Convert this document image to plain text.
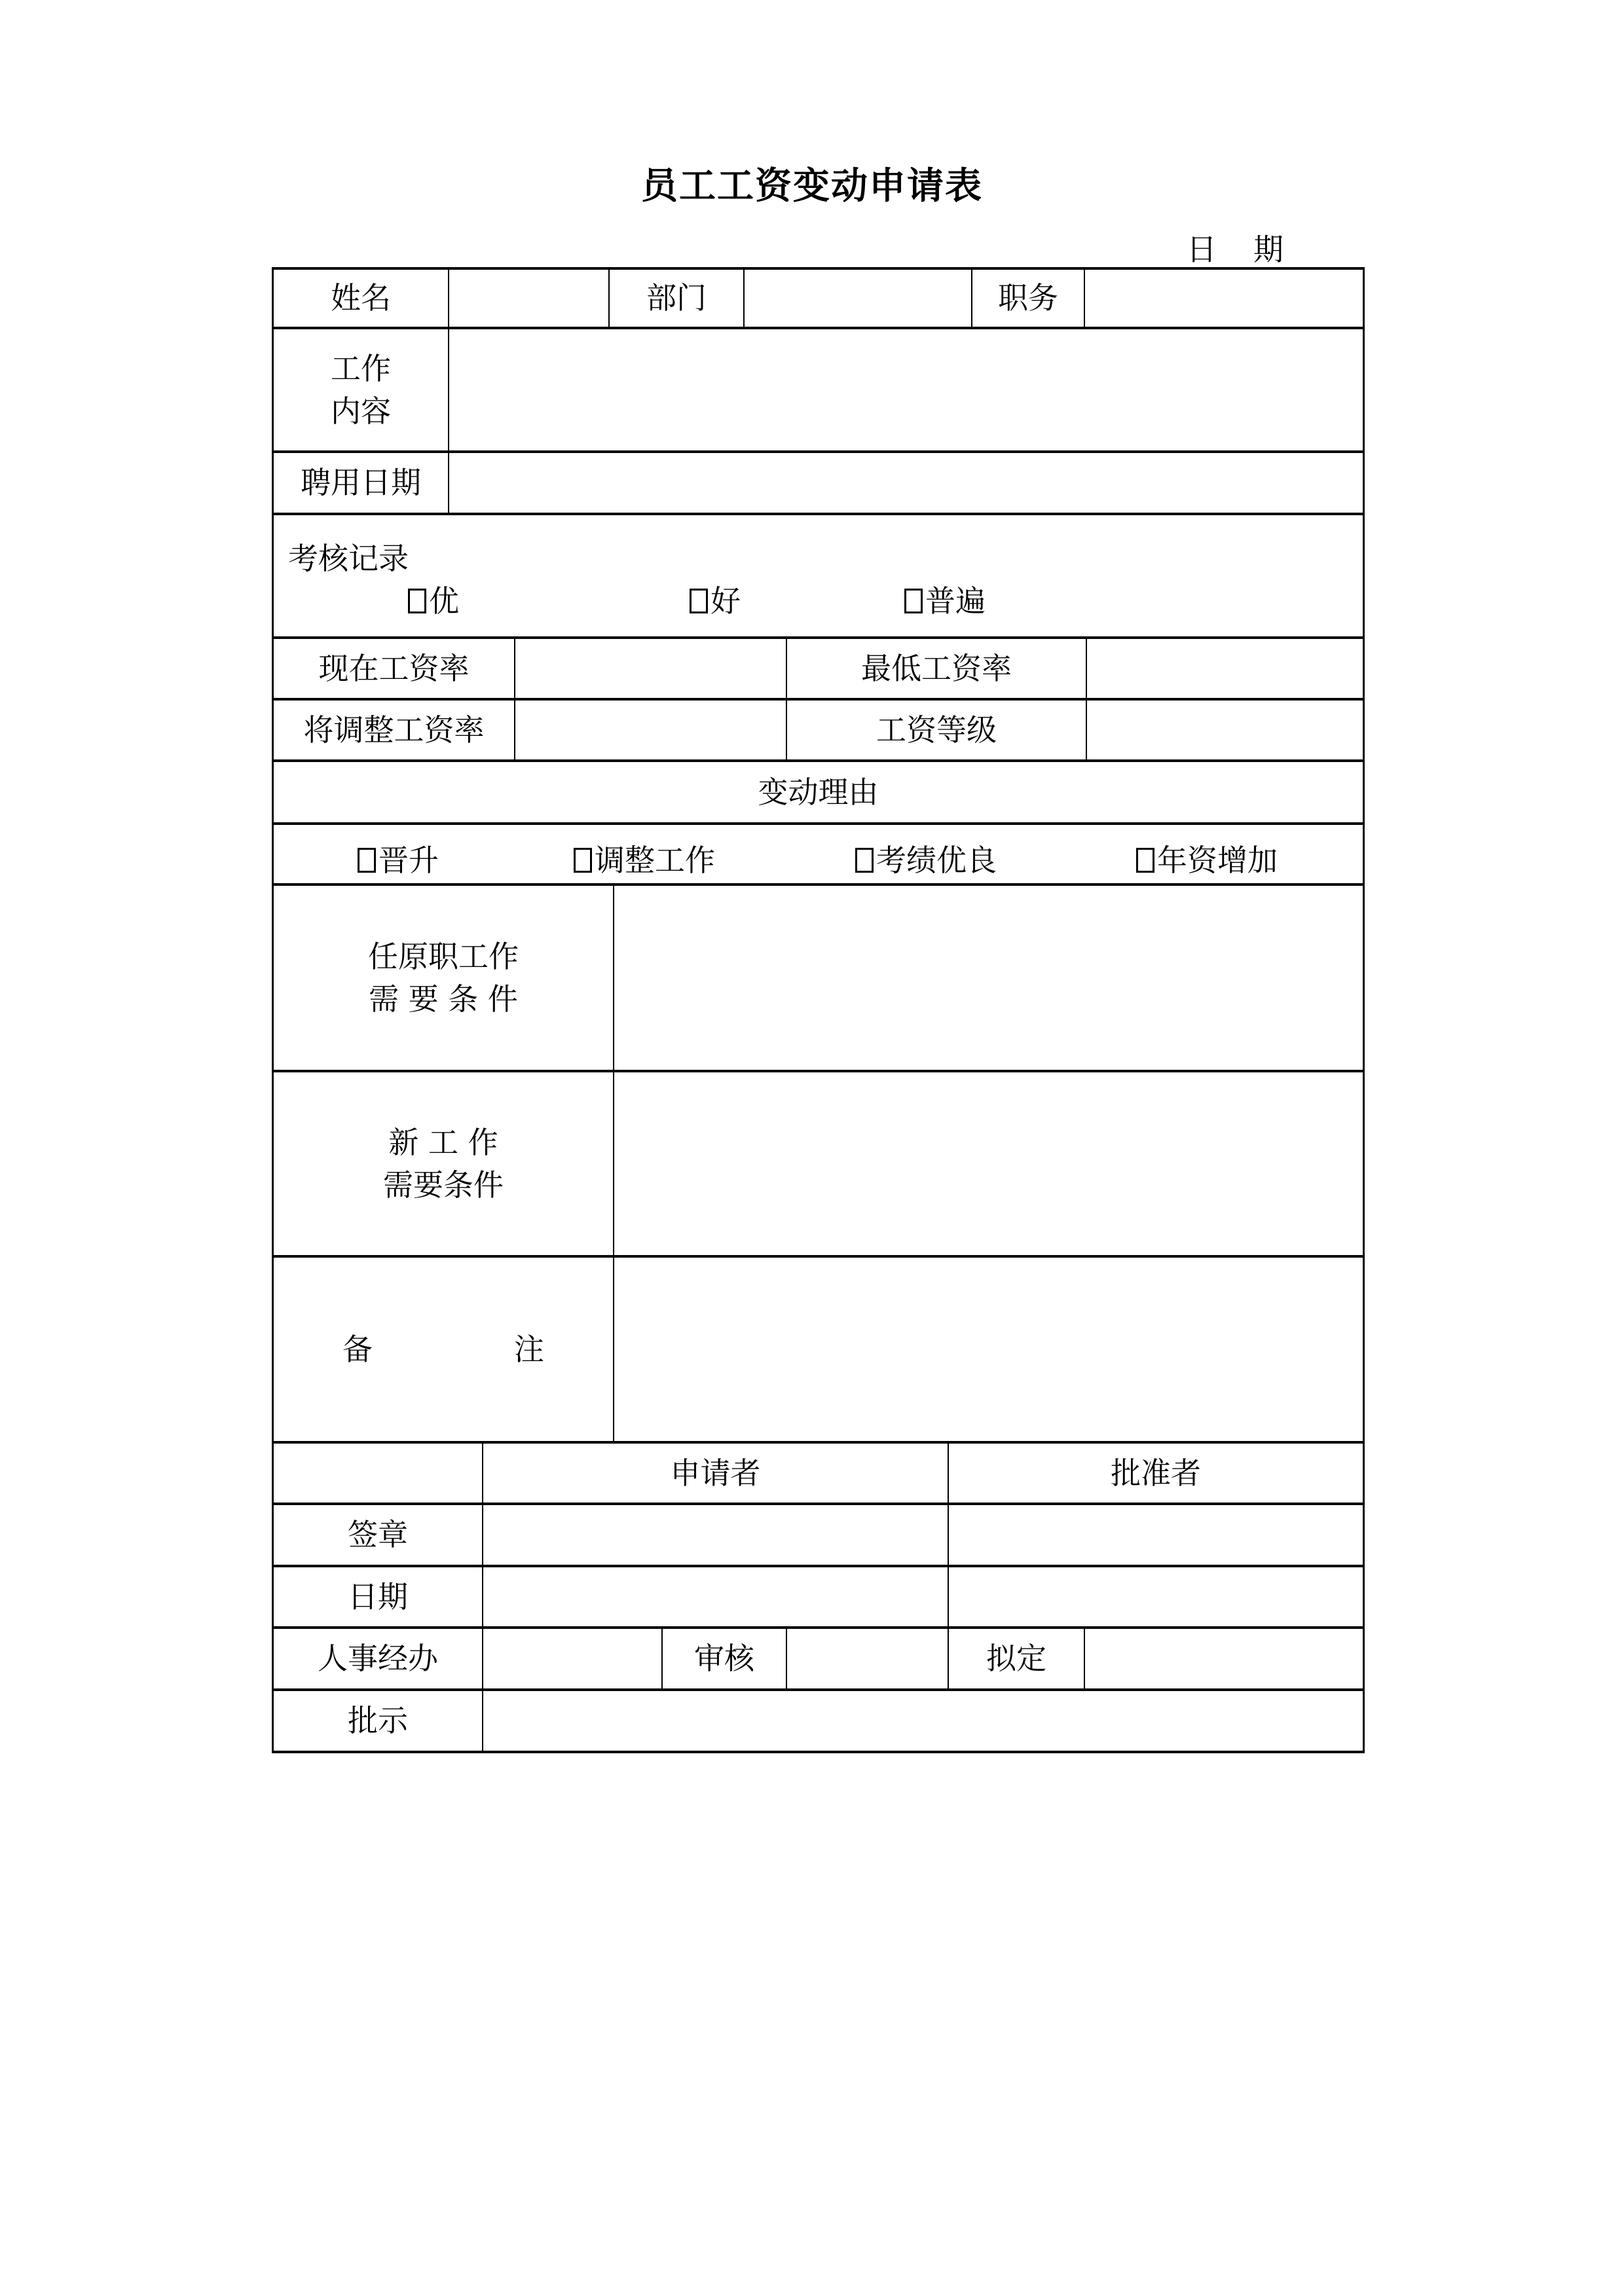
员工工资变动申请表
日 期
姓名	部门	职务
工作
内容
聘用日期
考核记录
优	好	普遍
现在工资率	最低工资率
将调整工资率	工资等级
变动理由
晋升	调整工作	考绩优良	年资增加
任原职工作
需 要 条 件
新 工 作
需要条件
备	注
申请者	批准者
签章
日期
人事经办	审核	拟定
批示
